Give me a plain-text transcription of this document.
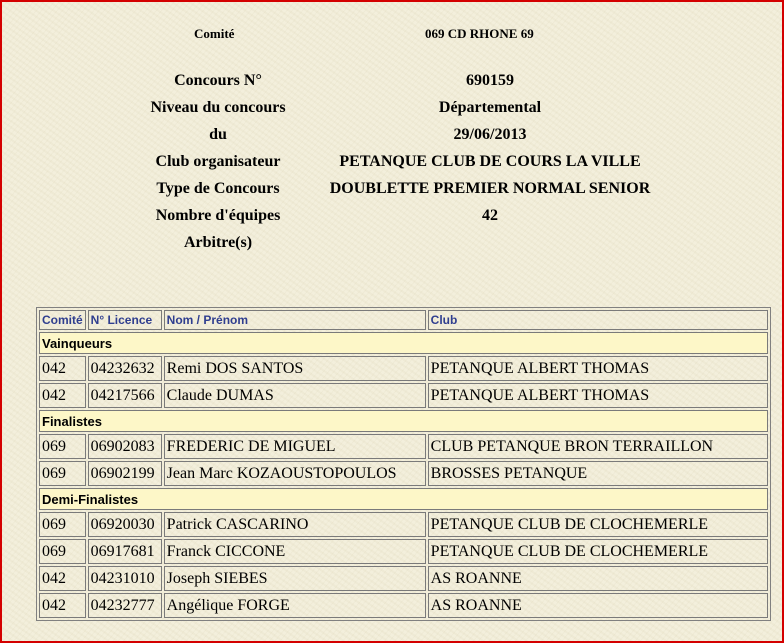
Comité	069 CD RHONE 69
Concours N°	690159
Niveau du concours	Départemental
du	29/06/2013
Club organisateur	PETANQUE CLUB DE COURS LA VILLE
Type de Concours	DOUBLETTE PREMIER NORMAL SENIOR
Nombre d'équipes	42
Arbitre(s)
Comité	N° Licence	Nom / Prénom	Club
Vainqueurs			
042	04232632	Remi DOS SANTOS	PETANQUE ALBERT THOMAS
042	04217566	Claude DUMAS	PETANQUE ALBERT THOMAS
Finalistes			
069	06902083	FREDERIC DE MIGUEL	CLUB PETANQUE BRON TERRAILLON
069	06902199	Jean Marc KOZAOUSTOPOULOS	BROSSES PETANQUE
Demi-Finalistes			
069	06920030	Patrick CASCARINO	PETANQUE CLUB DE CLOCHEMERLE
069	06917681	Franck CICCONE	PETANQUE CLUB DE CLOCHEMERLE
042	04231010	Joseph SIEBES	AS ROANNE
042	04232777	Angélique FORGE	AS ROANNE
